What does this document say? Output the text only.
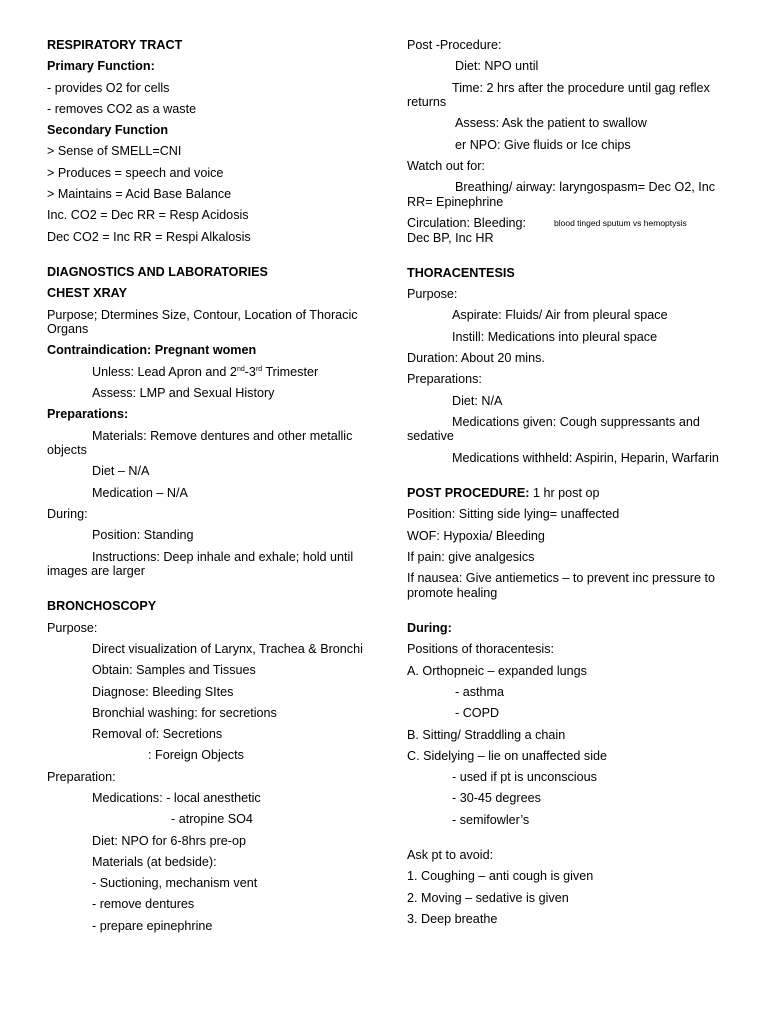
RESPIRATORY TRACT
Primary Function:
- provides O2 for cells
- removes CO2 as a waste
Secondary Function
> Sense of SMELL=CNI
> Produces = speech and voice
> Maintains = Acid Base Balance
Inc. CO2 = Dec RR = Resp Acidosis
Dec CO2 = Inc RR = Respi Alkalosis
DIAGNOSTICS AND LABORATORIES
CHEST XRAY
Purpose; Dtermines Size, Contour, Location of Thoracic Organs
Contraindication: Pregnant women
Unless: Lead Apron and 2nd-3rd Trimester
Assess: LMP and Sexual History
Preparations:
Materials: Remove dentures and other metallic objects
Diet – N/A
Medication – N/A
During:
Position: Standing
Instructions: Deep inhale and exhale; hold until images are larger
BRONCHOSCOPY
Purpose:
Direct visualization of Larynx, Trachea & Bronchi
Obtain: Samples and Tissues
Diagnose: Bleeding SItes
Bronchial washing: for secretions
Removal of: Secretions
: Foreign Objects
Preparation:
Medications: - local anesthetic
- atropine SO4
Diet: NPO for 6-8hrs pre-op
Materials (at bedside):
- Suctioning, mechanism vent
- remove dentures
- prepare epinephrine
Post -Procedure:
Diet: NPO until
Time: 2 hrs after the procedure until gag reflex returns
Assess: Ask the patient to swallow
er NPO: Give fluids or Ice chips
Watch out for:
Breathing/ airway: laryngospasm= Dec O2, Inc RR= Epinephrine
Circulation: Bleeding:	blood tinged sputum vs hemoptysis
Dec BP, Inc HR
THORACENTESIS
Purpose:
Aspirate: Fluids/ Air from pleural space
Instill: Medications into pleural space
Duration: About 20 mins.
Preparations:
Diet: N/A
Medications given: Cough suppressants and sedative
Medications withheld: Aspirin, Heparin, Warfarin
POST PROCEDURE: 1 hr post op
Position: Sitting side lying= unaffected
WOF: Hypoxia/ Bleeding
If pain: give analgesics
If nausea: Give antiemetics – to prevent inc pressure to promote healing
During:
Positions of thoracentesis:
A. Orthopneic – expanded lungs
- asthma
- COPD
B. Sitting/ Straddling a chain
C. Sidelying – lie on unaffected side
- used if pt is unconscious
- 30-45 degrees
- semifowler’s
Ask pt to avoid:
1. Coughing – anti cough is given
2. Moving – sedative is given
3. Deep breathe
